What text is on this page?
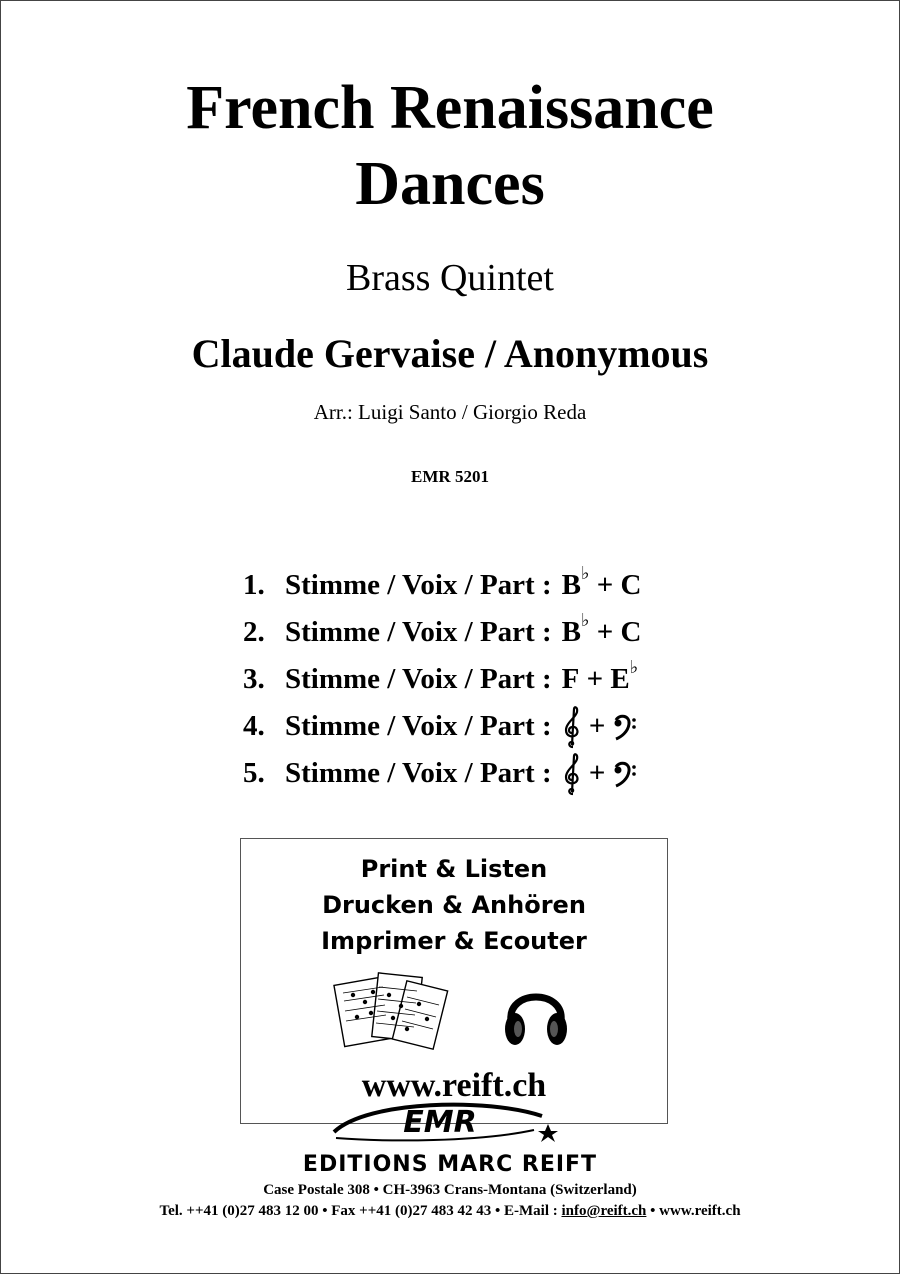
French Renaissance
Dances
Brass Quintet
Claude Gervaise / Anonymous
Arr.: Luigi Santo / Giorgio Reda
EMR 5201
1. Stimme / Voix / Part : B ♭
+
C
2. Stimme / Voix / Part : B ♭
+
C
3. Stimme / Voix / Part : F
+
E ♭
4. Stimme / Voix / Part :
+

5. Stimme / Voix / Part :
+

Print & Listen
Drucken & Anhören
Imprimer & Ecouter
www.reift.ch
EMR
EDITIONS MARC REIFT
Case Postale 308 • CH-3963 Crans-Montana (Switzerland)
Tel. ++41 (0)27 483 12 00 • Fax ++41 (0)27 483 42 43 • E-Mail : info@reift.ch • www.reift.ch
